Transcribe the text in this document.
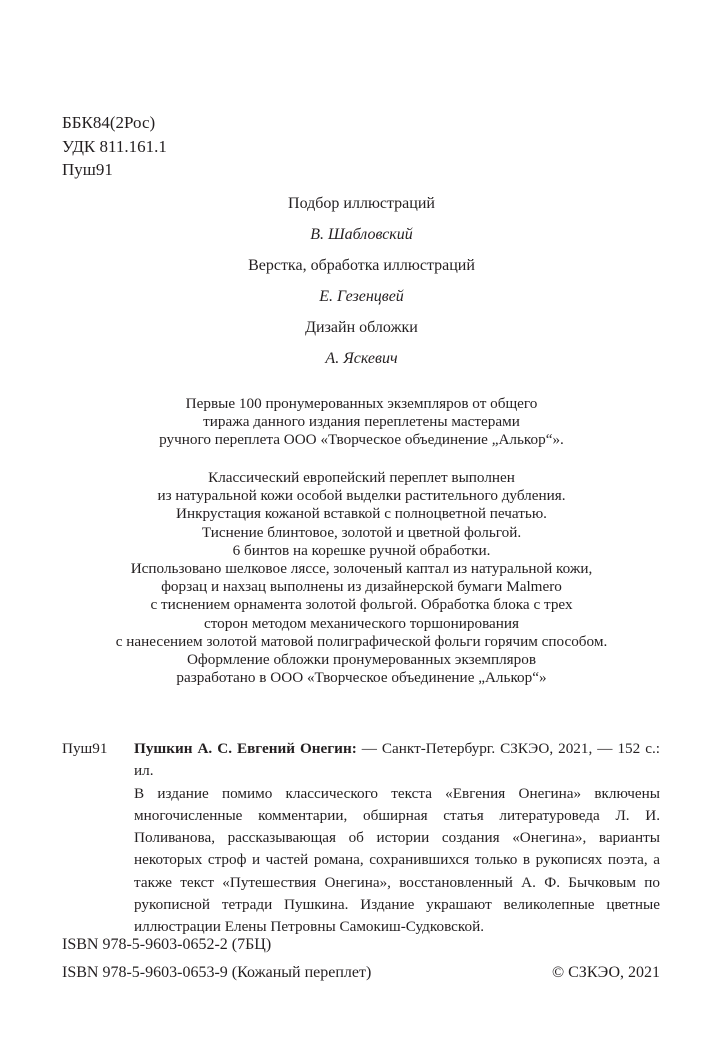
ББК84(2Рос)
УДК 811.161.1
Пуш91
Подбор иллюстраций
В. Шабловский
Верстка, обработка иллюстраций
Е. Гезенцвей
Дизайн обложки
А. Яскевич
Первые 100 пронумерованных экземпляров от общего
тиража данного издания переплетены мастерами
ручного переплета ООО «Творческое объединение „Алькор“».
Классический европейский переплет выполнен
из натуральной кожи особой выделки растительного дубления.
Инкрустация кожаной вставкой с полноцветной печатью.
Тиснение блинтовое, золотой и цветной фольгой.
6 бинтов на корешке ручной обработки.
Использовано шелковое ляссе, золоченый каптал из натуральной кожи,
форзац и нахзац выполнены из дизайнерской бумаги Malmero
с тиснением орнамента золотой фольгой. Обработка блока с трех
сторон методом механического торшонирования
с нанесением золотой матовой полиграфической фольги горячим способом.
Оформление обложки пронумерованных экземпляров
разработано в ООО «Творческое объединение „Алькор“»
Пуш91 Пушкин А. С. Евгений Онегин: — Санкт-Петербург. СЗКЭО, 2021, — 152 с.: ил.
В издание помимо классического текста «Евгения Онегина» включены многочисленные комментарии, обширная статья литературоведа Л. И. Поливанова, рассказывающая об истории создания «Онегина», варианты некоторых строф и частей романа, сохранившихся только в рукописях поэта, а также текст «Путешествия Онегина», восстановленный А. Ф. Бычковым по рукописной тетради Пушкина. Издание украшают великолепные цветные иллюстрации Елены Петровны Самокиш-Судковской.
ISBN 978-5-9603-0652-2 (7БЦ)
ISBN 978-5-9603-0653-9 (Кожаный переплет)	© СЗКЭО, 2021
